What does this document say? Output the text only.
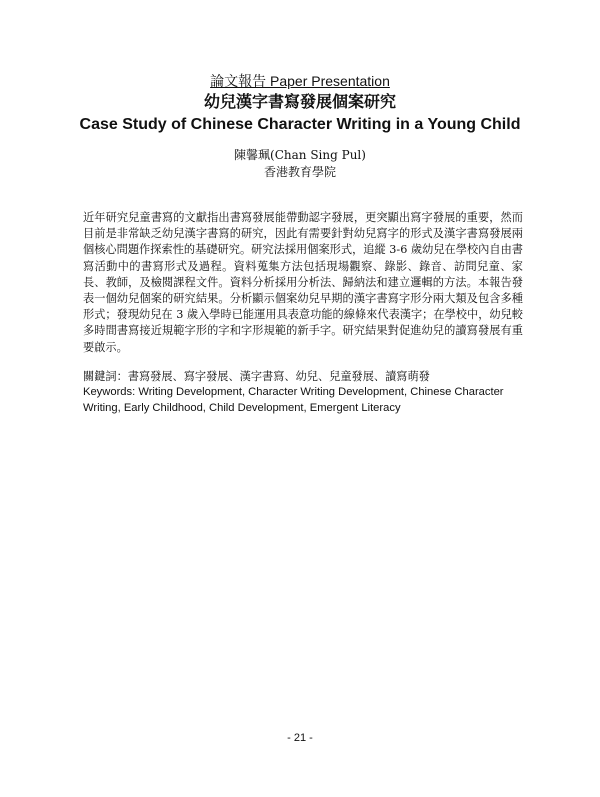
論文報告 Paper Presentation
幼兒漢字書寫發展個案研究
Case Study of Chinese Character Writing in a Young Child
陳馨珮(Chan Sing Pul)
香港教育學院

近年研究兒童書寫的文獻指出書寫發展能帶動認字發展，更突顯出寫字發展的重要，然而目前是非常缺乏幼兒漢字書寫的研究，因此有需要針對幼兒寫字的形式及漢字書寫發展兩個核心問題作探索性的基礎研究。研究法採用個案形式，追縱 3-6 歲幼兒在學校內自由書寫活動中的書寫形式及過程。資料蒐集方法包括現場觀察、錄影、錄音、訪問兒童、家長、教師，及檢閱課程文件。資料分析採用分析法、歸納法和建立邏輯的方法。本報告發表一個幼兒個案的研究結果。分析顯示個案幼兒早期的漢字書寫字形分兩大類及包含多種形式；發現幼兒在 3 歲入學時已能運用具表意功能的線條來代表漢字；在學校中，幼兒較多時間書寫接近規範字形的字和字形規範的新手字。研究結果對促進幼兒的讀寫發展有重要啟示。

關鍵詞：書寫發展、寫字發展、漢字書寫、幼兒、兒童發展、讀寫萌發
Keywords: Writing Development, Character Writing Development, Chinese Character Writing, Early Childhood, Child Development, Emergent Literacy
- 21 -
